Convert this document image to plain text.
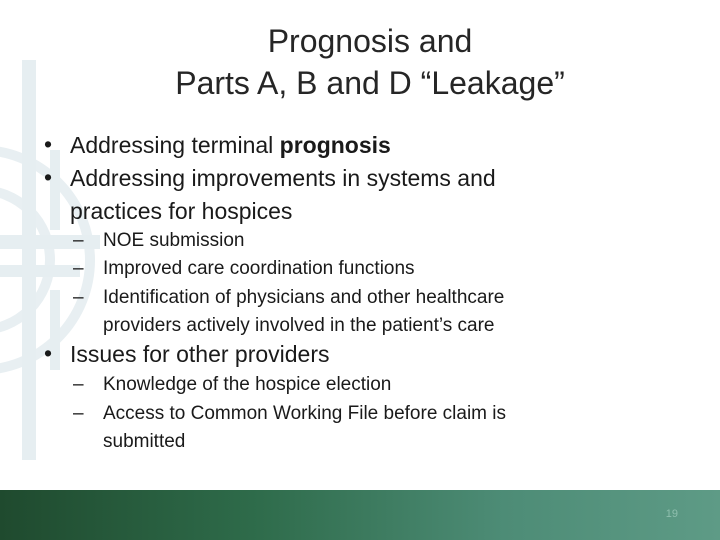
Prognosis and
Parts A, B and D “Leakage”
• Addressing terminal prognosis
• Addressing improvements in systems and
practices for hospices
– NOE submission
– Improved care coordination functions
– Identification of physicians and other healthcare
providers actively involved in the patient’s care
• Issues for other providers
– Knowledge of the hospice election
– Access to Common Working File before claim is
submitted
19
